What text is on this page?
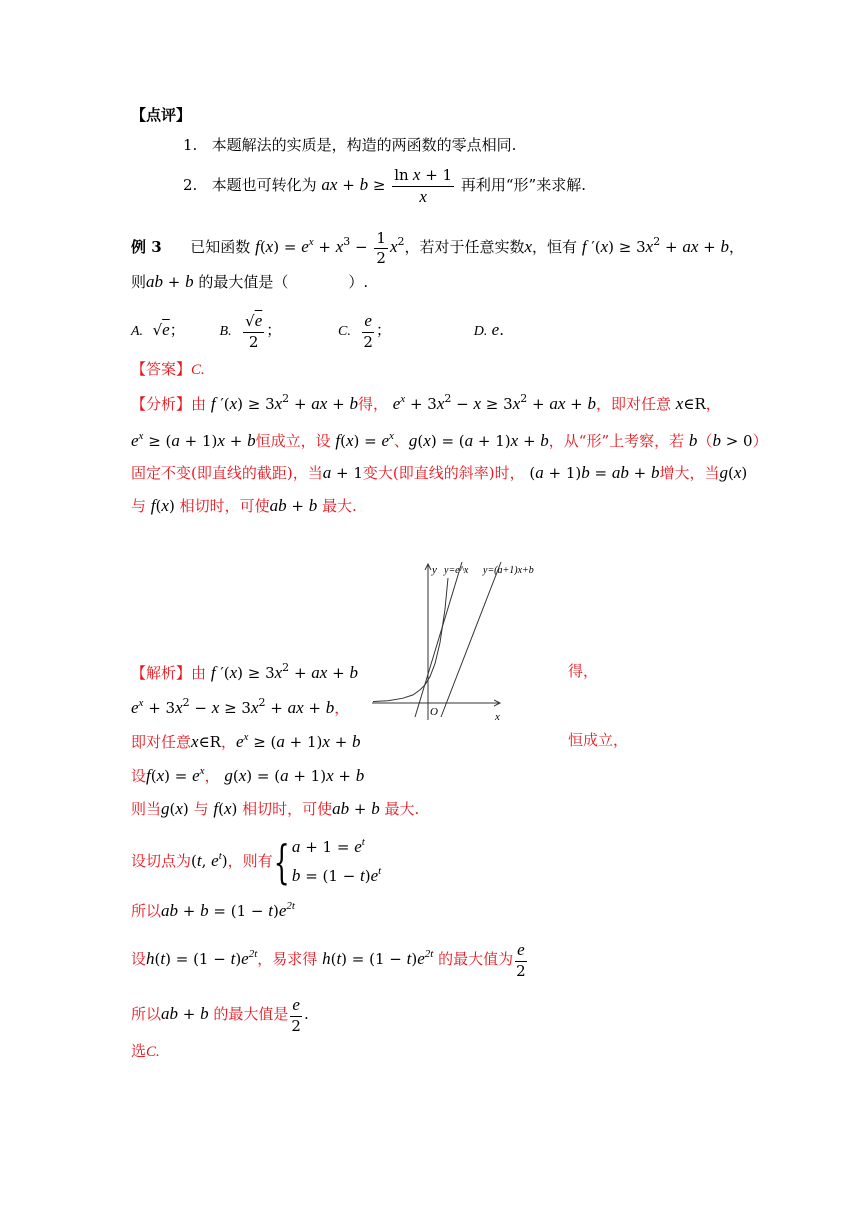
【点评】
1. 本题解法的实质是，构造的两函数的零点相同.
2. 本题也可转化为 ax + $b \ge \frac{\text{ln x + 1}}{x}$ 再利用“形”来求解.
例 3 已知函数 $f(x) = e^x + x^3 - \frac{1}{2} x^2$，若对于任意实数x，恒有 f $'(x) \ge 3x^2$ + ax + b，
则ab + b 的最大值是（　　　　）.
A.  √e； B. $\frac{√e}{2}$ ；	C. $\frac{e}{2}$ ；	D. e.
【答案】C.
【分析】由 f $'(x) \ge 3x^2$ + ax + b得， $e^x + 3x^2 - x \ge 3x^2$ + ax + b，即对任意 x∈R，
$e^x \ge (a + 1)x + b$恒成立，设 $f(x) = e^x$、g(x) = (a + 1)x + b，从“形”上考察，若 b（b > 0）
固定不变(即直线的截距)，当a + 1变大(即直线的斜率)时， (a + 1)b = ab + b增大，当g(x)
与 f(x) 相切时，可使ab + b 最大.
y y=e^x y=(a+1)x+b
O	x
【解析】由 f $'(x) \ge 3x^2$ + ax + b	得，
$e^x + 3x^2 - x \ge 3x^2$ + ax + b，
即对任意x∈R，$e^x \ge (a + 1)x + b$	恒成立，
设$f(x) = e^x$， g(x) = (a + 1)x + b
则当g(x) 与 f(x) 相切时，可使ab + b 最大.
设切点为(t, $e^t$)，则有{ $a + 1 = e^t$
$b = (1 - t)e^t$
所以ab + $b = (1 - t)e^{2t}$
设$h(t) = (1 - t)e^{2t}$，易求得 $h(t) = (1 - t)e^{2t}$ 的最大值为 $\frac{e}{2}$
所以ab + b 的最大值是 $\frac{e}{2}$ .
选C.
